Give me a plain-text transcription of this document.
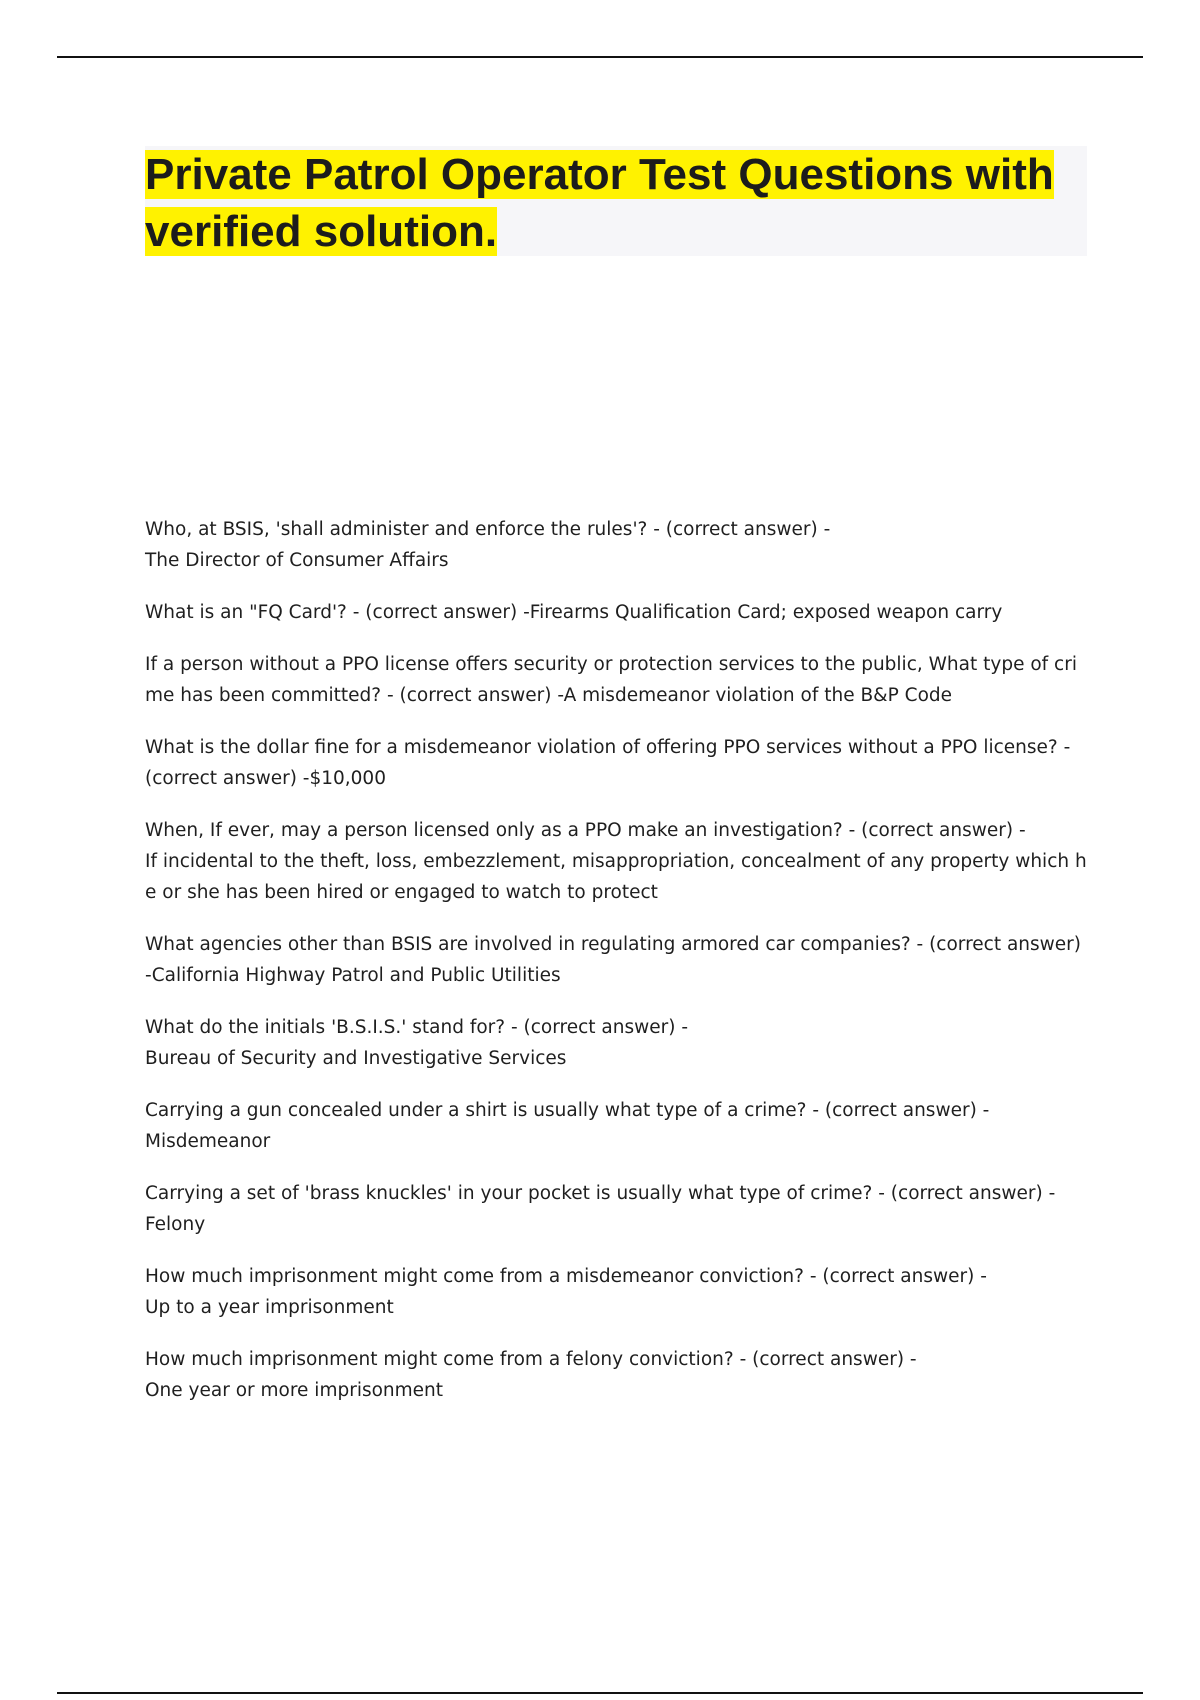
Private Patrol Operator Test Questions with verified solution.
Who, at BSIS, 'shall administer and enforce the rules'? - (correct answer) -
The Director of Consumer Affairs
What is an "FQ Card'? - (correct answer) -Firearms Qualification Card; exposed weapon carry
If a person without a PPO license offers security or protection services to the public, What type of crime has been committed? - (correct answer) -A misdemeanor violation of the B&P Code
What is the dollar fine for a misdemeanor violation of offering PPO services without a PPO license? - (correct answer) -$10,000
When, If ever, may a person licensed only as a PPO make an investigation? - (correct answer) -
If incidental to the theft, loss, embezzlement, misappropriation, concealment of any property which he or she has been hired or engaged to watch to protect
What agencies other than BSIS are involved in regulating armored car companies? - (correct answer) -California Highway Patrol and Public Utilities
What do the initials 'B.S.I.S.' stand for? - (correct answer) -
Bureau of Security and Investigative Services
Carrying a gun concealed under a shirt is usually what type of a crime? - (correct answer) -
Misdemeanor
Carrying a set of 'brass knuckles' in your pocket is usually what type of crime? - (correct answer) -
Felony
How much imprisonment might come from a misdemeanor conviction? - (correct answer) -
Up to a year imprisonment
How much imprisonment might come from a felony conviction? - (correct answer) -
One year or more imprisonment
